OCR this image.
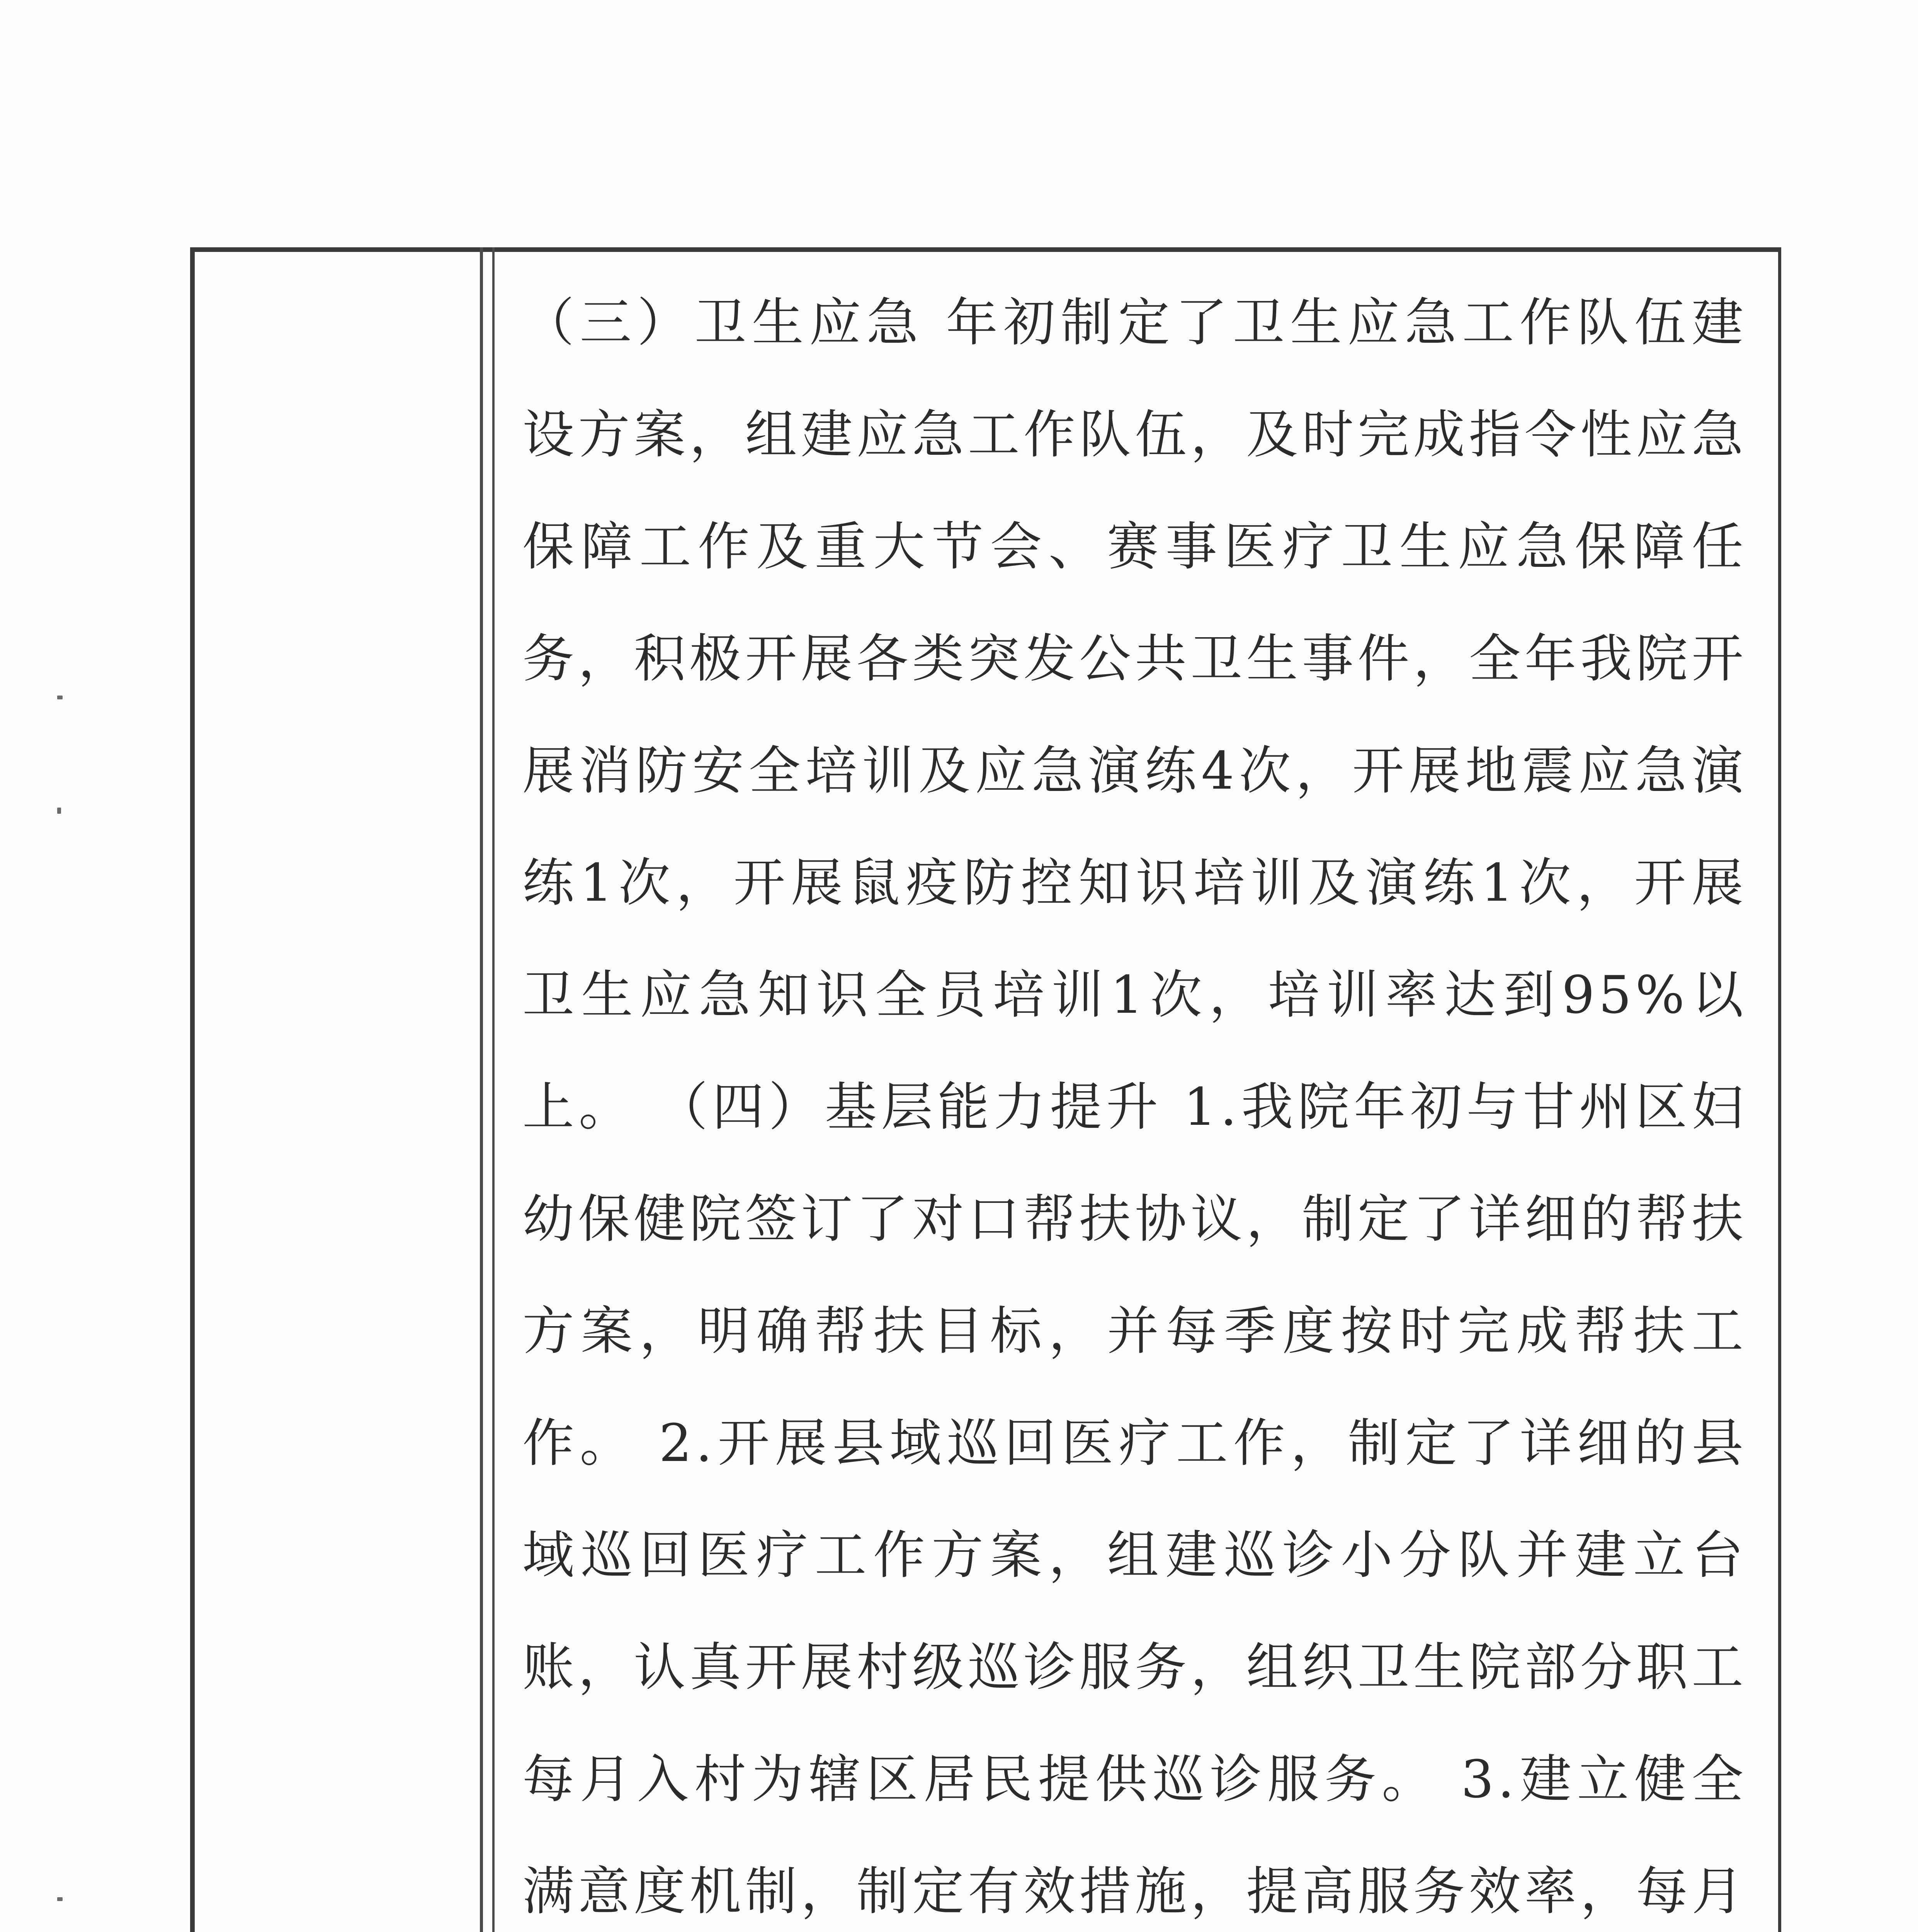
（三）卫生应急 年初制定了卫生应急工作队伍建设方案，组建应急工作队伍，及时完成指令性应急保障工作及重大节会、赛事医疗卫生应急保障任务，积极开展各类突发公共卫生事件，全年我院开展消防安全培训及应急演练4次，开展地震应急演练1次，开展鼠疫防控知识培训及演练1次，开展卫生应急知识全员培训1次，培训率达到95%以上。 （四）基层能力提升 1.我院年初与甘州区妇幼保健院签订了对口帮扶协议，制定了详细的帮扶方案，明确帮扶目标，并每季度按时完成帮扶工作。 2.开展县域巡回医疗工作，制定了详细的县域巡回医疗工作方案，组建巡诊小分队并建立台账，认真开展村级巡诊服务，组织卫生院部分职工每月入村为辖区居民提供巡诊服务。 3.建立健全满意度机制，制定有效措施，提高服务效率，每月
